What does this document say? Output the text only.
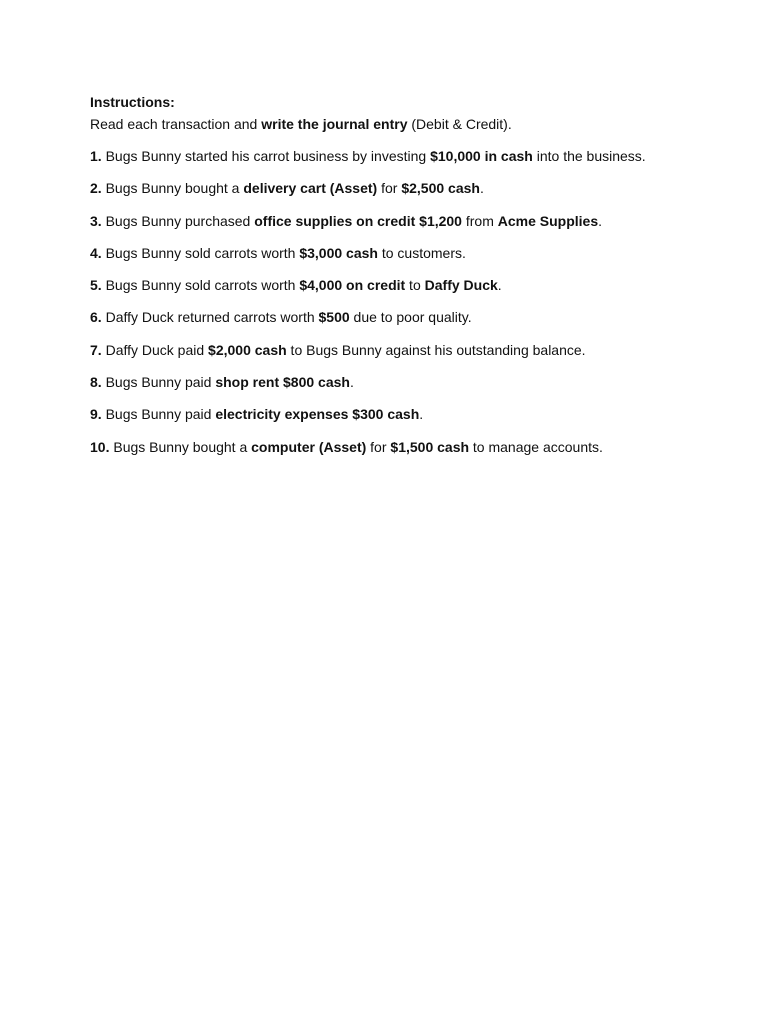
Instructions:

Read each transaction and write the journal entry (Debit & Credit).

1. Bugs Bunny started his carrot business by investing $10,000 in cash into the business.
2. Bugs Bunny bought a delivery cart (Asset) for $2,500 cash.
3. Bugs Bunny purchased office supplies on credit $1,200 from Acme Supplies.
4. Bugs Bunny sold carrots worth $3,000 cash to customers.
5. Bugs Bunny sold carrots worth $4,000 on credit to Daffy Duck.
6. Daffy Duck returned carrots worth $500 due to poor quality.
7. Daffy Duck paid $2,000 cash to Bugs Bunny against his outstanding balance.
8. Bugs Bunny paid shop rent $800 cash.
9. Bugs Bunny paid electricity expenses $300 cash.
10. Bugs Bunny bought a computer (Asset) for $1,500 cash to manage accounts.
